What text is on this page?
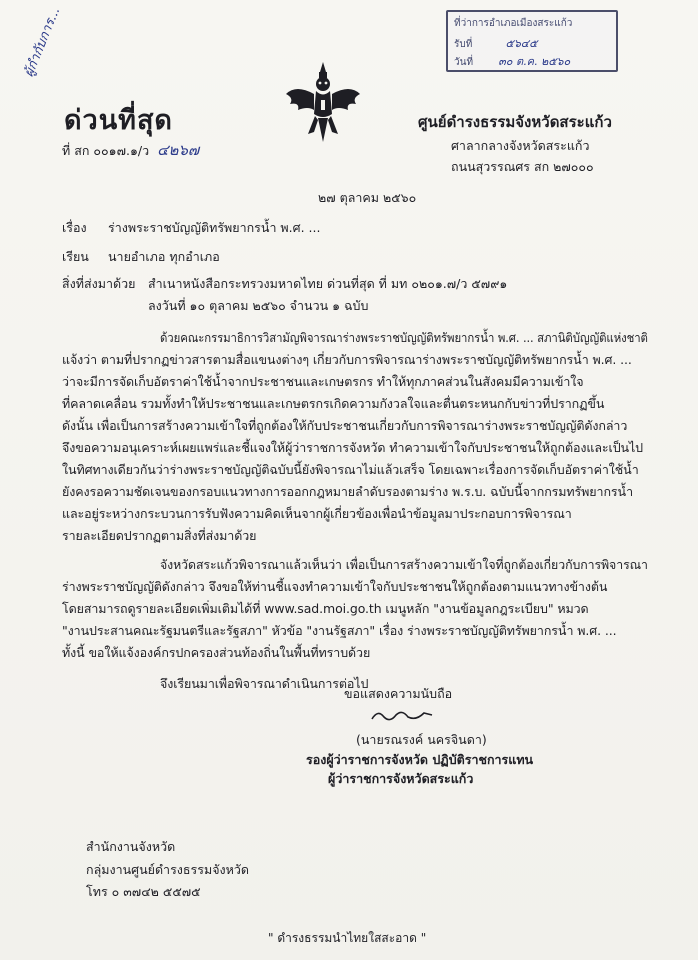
ผู้กำกับการ...
ด่วนที่สุด
ที่ สก ๐๐๑๗.๑/ว ๔๒๖๗
ที่ว่าการอำเภอเมืองสระแก้ว
รับที่	๕๖๔๕
วันที่ ๓๐ ต.ค. ๒๕๖๐
ศูนย์ดำรงธรรมจังหวัดสระแก้ว
ศาลากลางจังหวัดสระแก้ว
ถนนสุวรรณศร สก ๒๗๐๐๐
๒๗ ตุลาคม ๒๕๖๐
เรื่อง ร่างพระราชบัญญัติทรัพยากรน้ำ พ.ศ. ...
เรียน นายอำเภอ ทุกอำเภอ
สิ่งที่ส่งมาด้วย สำเนาหนังสือกระทรวงมหาดไทย ด่วนที่สุด ที่ มท ๐๒๐๑.๗/ว ๕๗๙๑
ลงวันที่ ๑๐ ตุลาคม ๒๕๖๐ จำนวน ๑ ฉบับ
ด้วยคณะกรรมาธิการวิสามัญพิจารณาร่างพระราชบัญญัติทรัพยากรน้ำ พ.ศ. ... สภานิติบัญญัติแห่งชาติ
แจ้งว่า ตามที่ปรากฏข่าวสารตามสื่อแขนงต่างๆ เกี่ยวกับการพิจารณาร่างพระราชบัญญัติทรัพยากรน้ำ พ.ศ. ...
ว่าจะมีการจัดเก็บอัตราค่าใช้น้ำจากประชาชนและเกษตรกร ทำให้ทุกภาคส่วนในสังคมมีความเข้าใจ
ที่คลาดเคลื่อน รวมทั้งทำให้ประชาชนและเกษตรกรเกิดความกังวลใจและตื่นตระหนกกับข่าวที่ปรากฏขึ้น
ดังนั้น เพื่อเป็นการสร้างความเข้าใจที่ถูกต้องให้กับประชาชนเกี่ยวกับการพิจารณาร่างพระราชบัญญัติดังกล่าว
จึงขอความอนุเคราะห์เผยแพร่และชี้แจงให้ผู้ว่าราชการจังหวัด ทำความเข้าใจกับประชาชนให้ถูกต้องและเป็นไป
ในทิศทางเดียวกันว่าร่างพระราชบัญญัติฉบับนี้ยังพิจารณาไม่แล้วเสร็จ โดยเฉพาะเรื่องการจัดเก็บอัตราค่าใช้น้ำ
ยังคงรอความชัดเจนของกรอบแนวทางการออกกฎหมายลำดับรองตามร่าง พ.ร.บ. ฉบับนี้จากกรมทรัพยากรน้ำ
และอยู่ระหว่างกระบวนการรับฟังความคิดเห็นจากผู้เกี่ยวข้องเพื่อนำข้อมูลมาประกอบการพิจารณา
รายละเอียดปรากฏตามสิ่งที่ส่งมาด้วย
จังหวัดสระแก้วพิจารณาแล้วเห็นว่า เพื่อเป็นการสร้างความเข้าใจที่ถูกต้องเกี่ยวกับการพิจารณา
ร่างพระราชบัญญัติดังกล่าว จึงขอให้ท่านชี้แจงทำความเข้าใจกับประชาชนให้ถูกต้องตามแนวทางข้างต้น
โดยสามารถดูรายละเอียดเพิ่มเติมได้ที่ www.sad.moi.go.th เมนูหลัก "งานข้อมูลกฎระเบียบ" หมวด
"งานประสานคณะรัฐมนตรีและรัฐสภา" หัวข้อ "งานรัฐสภา" เรื่อง ร่างพระราชบัญญัติทรัพยากรน้ำ พ.ศ. ...
ทั้งนี้ ขอให้แจ้งองค์กรปกครองส่วนท้องถิ่นในพื้นที่ทราบด้วย
จึงเรียนมาเพื่อพิจารณาดำเนินการต่อไป
ขอแสดงความนับถือ
(นายรณรงค์ นครจินดา)
รองผู้ว่าราชการจังหวัด ปฏิบัติราชการแทน
ผู้ว่าราชการจังหวัดสระแก้ว
สำนักงานจังหวัด
กลุ่มงานศูนย์ดำรงธรรมจังหวัด
โทร ๐ ๓๗๔๒ ๕๕๗๕
" ดำรงธรรมนำไทยใสสะอาด "
